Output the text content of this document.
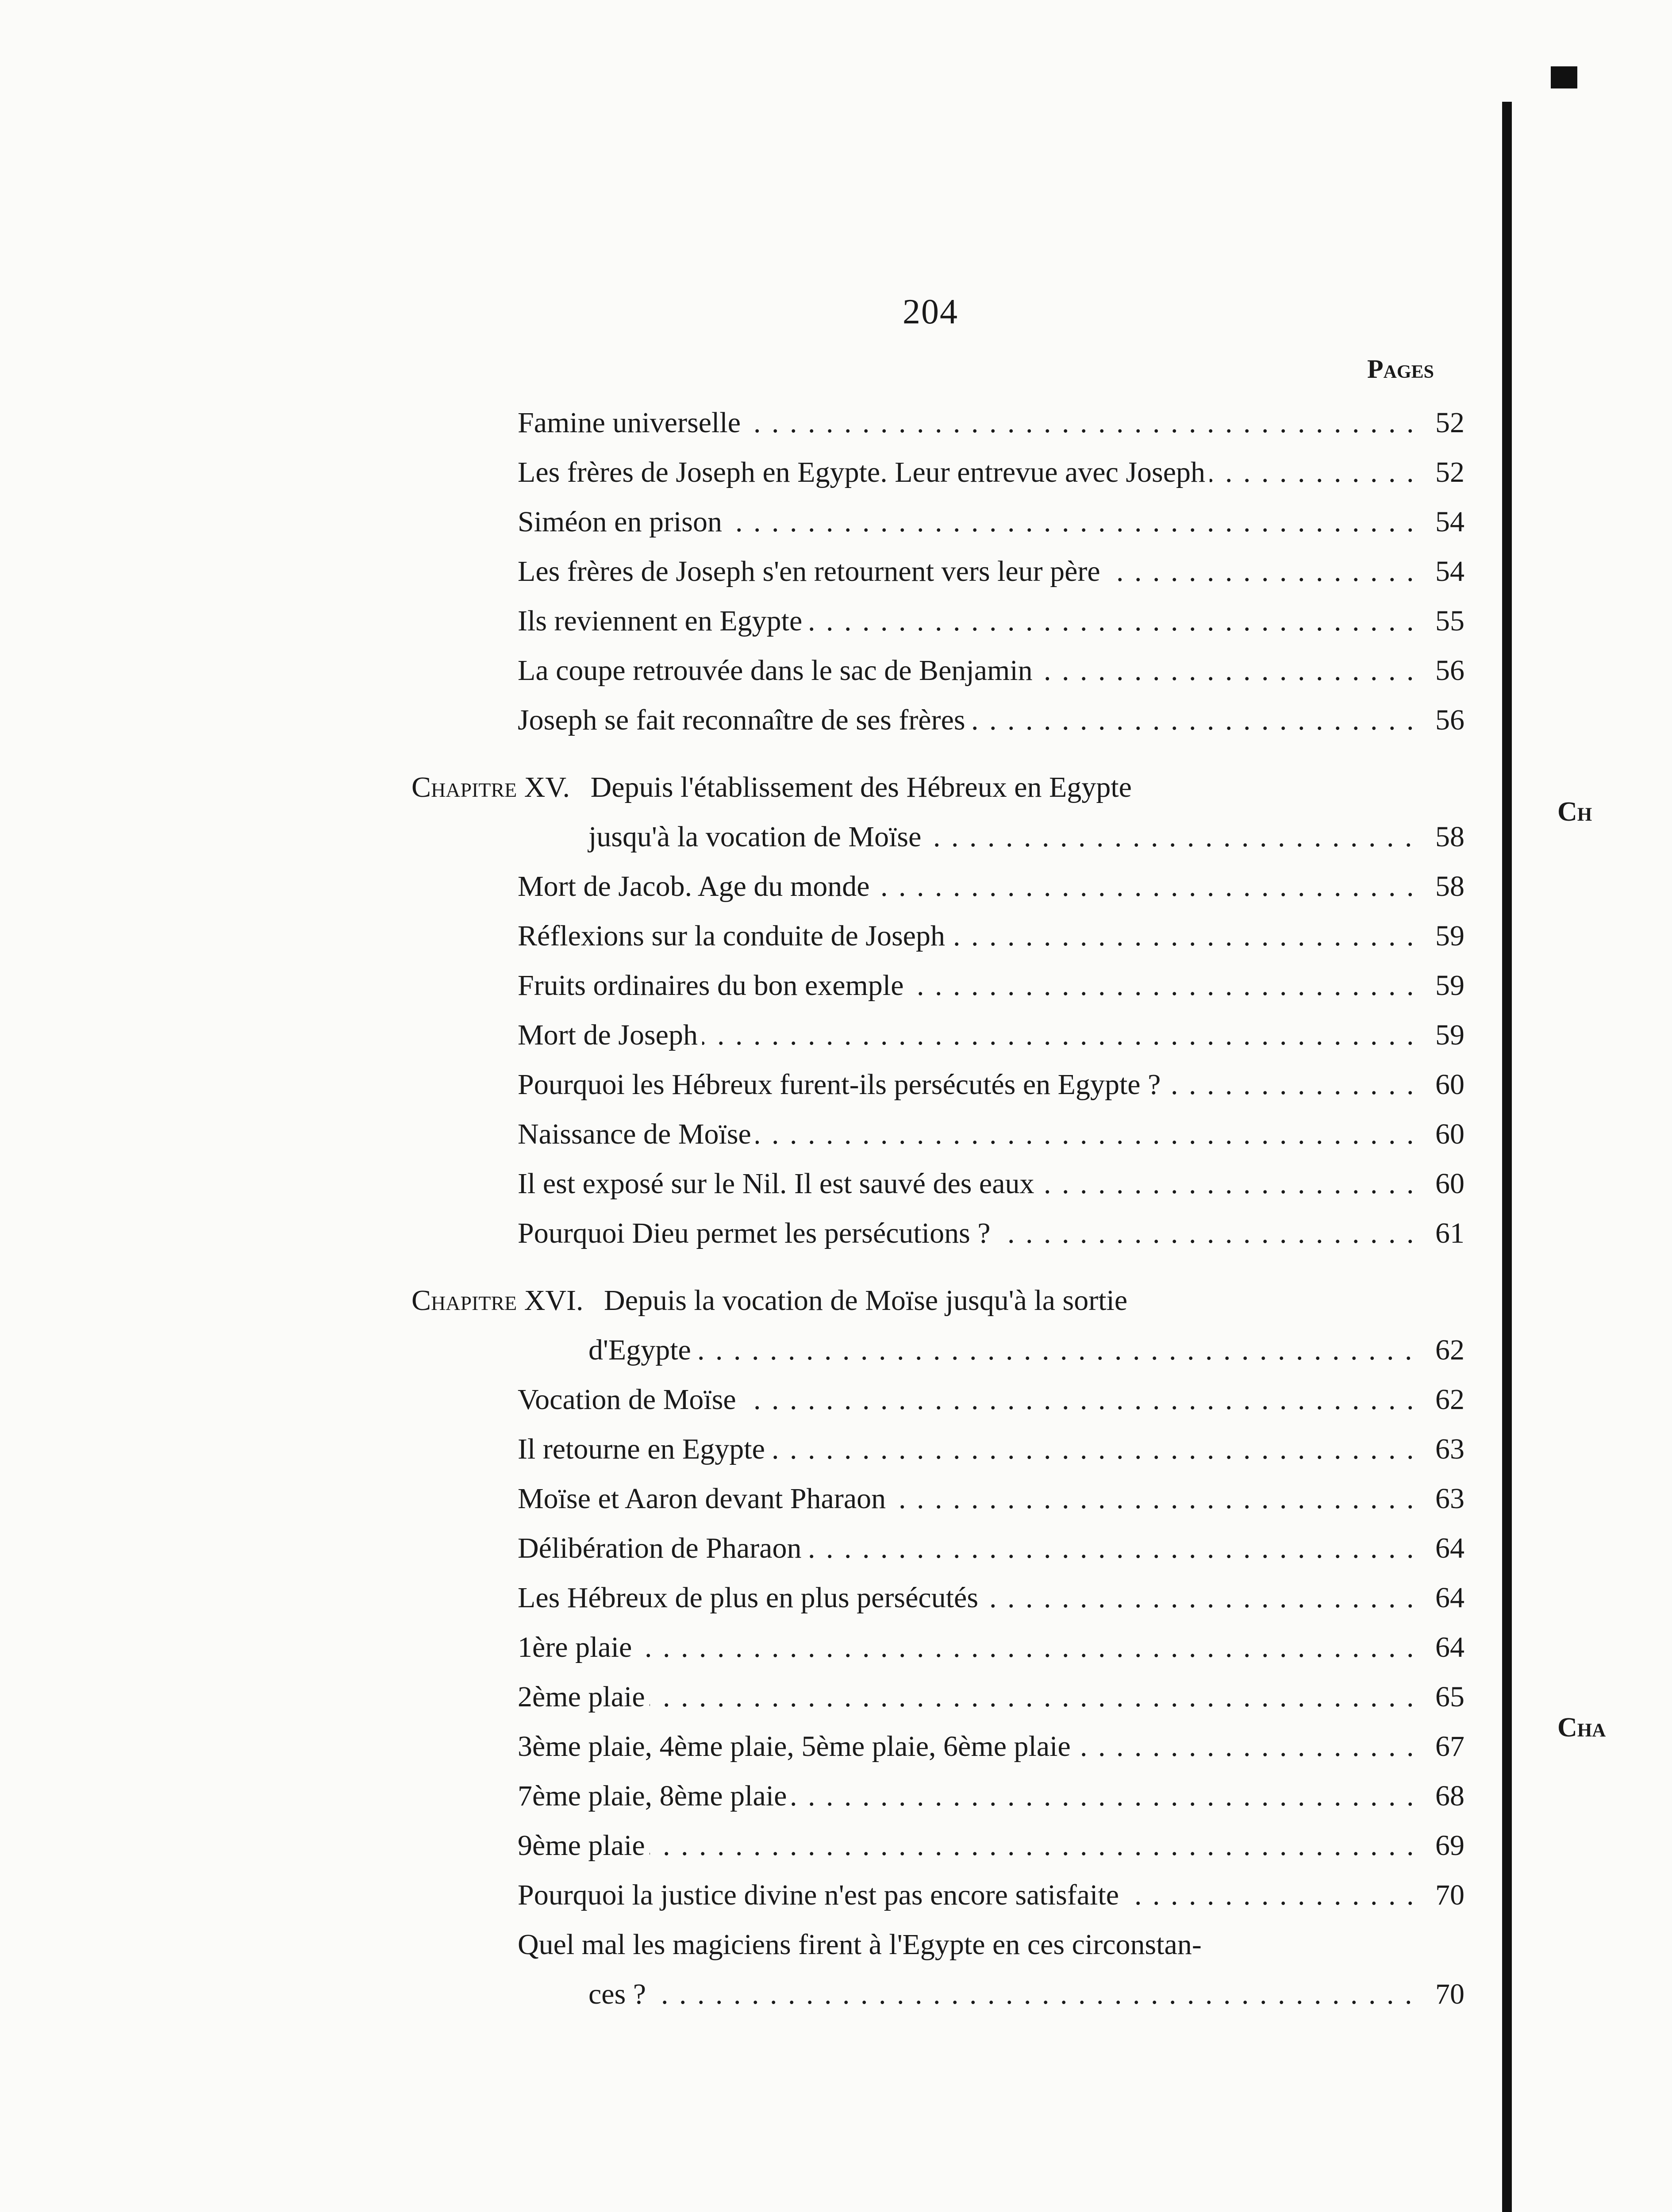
204
Pages
. . .
Famine universelle	52
. . .
Les frères de Joseph en Egypte. Leur entrevue avec Joseph	52
. . .
Siméon en prison	54
. . .
Les frères de Joseph s'en retournent vers leur père	54
. . .
Ils reviennent en Egypte	55
. . .
La coupe retrouvée dans le sac de Benjamin	56
. . .
Joseph se fait reconnaître de ses frères	56
Chapitre XV. Depuis l'établissement des Hébreux en Egypte
. . .
jusqu'à la vocation de Moïse	58
. . .
Mort de Jacob. Age du monde	58
. . .
Réflexions sur la conduite de Joseph	59
. . .
Fruits ordinaires du bon exemple	59
. . .
Mort de Joseph	59
. . .
Pourquoi les Hébreux furent-ils persécutés en Egypte ?	60
. . .
Naissance de Moïse	60
. . .
Il est exposé sur le Nil. Il est sauvé des eaux	60
. . .
Pourquoi Dieu permet les persécutions ?	61
Chapitre XVI. Depuis la vocation de Moïse jusqu'à la sortie
. . .
d'Egypte	62
. . .
Vocation de Moïse	62
. . .
Il retourne en Egypte	63
. . .
Moïse et Aaron devant Pharaon	63
. . .
Délibération de Pharaon	64
. . .
Les Hébreux de plus en plus persécutés	64
. . .
1ère plaie	64
. . .
2ème plaie	65
. . .
3ème plaie, 4ème plaie, 5ème plaie, 6ème plaie	67
. . .
7ème plaie, 8ème plaie	68
. . .
9ème plaie	69
. . .
Pourquoi la justice divine n'est pas encore satisfaite	70
Quel mal les magiciens firent à l'Egypte en ces circonstan-
. . .
ces ?	70
Ch
Cha
